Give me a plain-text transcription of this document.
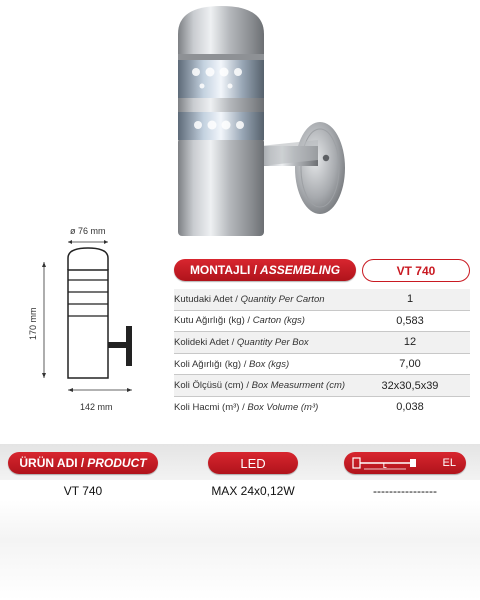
ø 76 mm
170 mm
142 mm
MONTAJLI / ASSEMBLING	VT 740
Kutudaki Adet / Quantity Per Carton	1
Kutu Ağırlığı (kg) / Carton (kgs)	0,583
Kolideki Adet / Quantity Per Box	12
Koli Ağırlığı (kg) / Box (kgs)	7,00
Koli Ölçüsü (cm) / Box Measurment (cm)	32x30,5x39
Koli Hacmi (m³) / Box Volume (m³)	0,038
ÜRÜN ADI / PRODUCT	LED	L	EL
VT 740	MAX 24x0,12W	----------------
